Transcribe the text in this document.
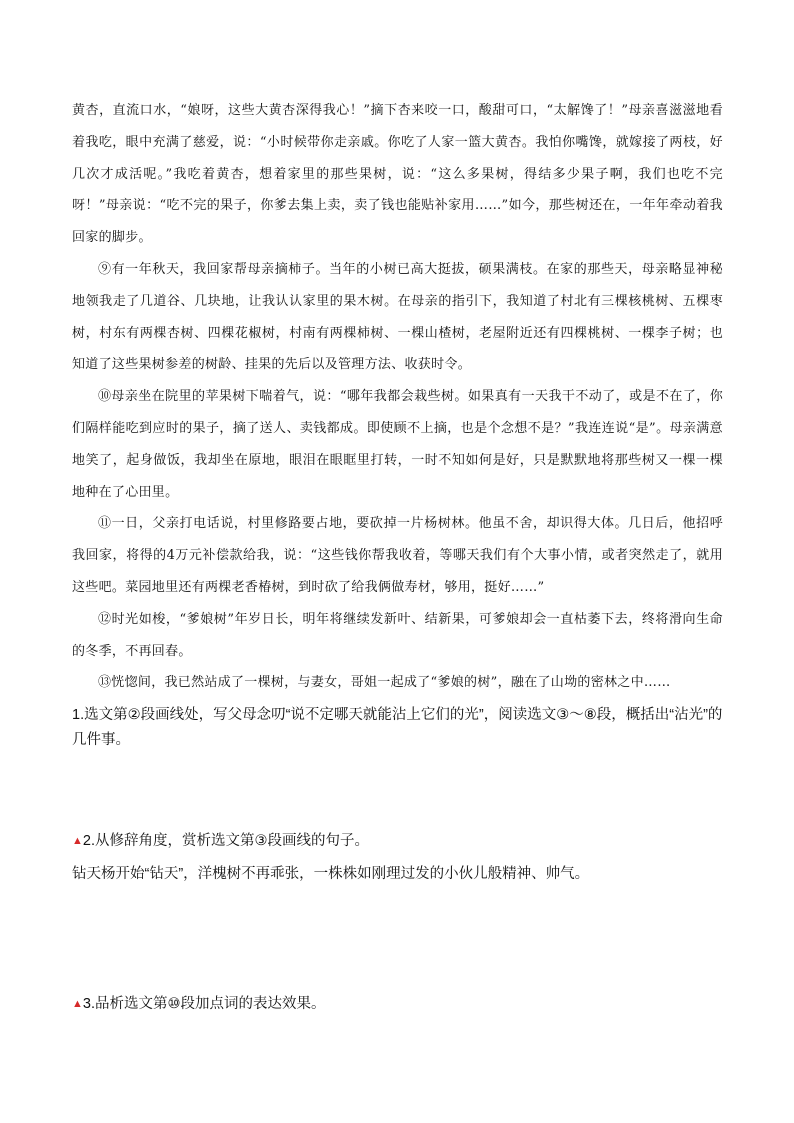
黄杏，直流口水，“娘呀，这些大黄杏深得我心！”摘下杏来咬一口，酸甜可口，“太解馋了！”母亲喜滋滋地看着我吃，眼中充满了慈爱，说：“小时候带你走亲戚。你吃了人家一篮大黄杏。我怕你嘴馋，就嫁接了两枝，好几次才成活呢。”我吃着黄杏，想着家里的那些果树，说：“这么多果树，得结多少果子啊，我们也吃不完呀！”母亲说：“吃不完的果子，你爹去集上卖，卖了钱也能贴补家用……”如今，那些树还在，一年年牵动着我回家的脚步。

⑨有一年秋天，我回家帮母亲摘柿子。当年的小树已高大挺拔，硕果满枝。在家的那些天，母亲略显神秘地领我走了几道谷、几块地，让我认认家里的果木树。在母亲的指引下，我知道了村北有三棵核桃树、五棵枣树，村东有两棵杏树、四棵花椒树，村南有两棵柿树、一棵山楂树，老屋附近还有四棵桃树、一棵李子树；也知道了这些果树参差的树龄、挂果的先后以及管理方法、收获时令。

⑩母亲坐在院里的苹果树下喘着气，说：“哪年我都会栽些树。如果真有一天我干不动了，或是不在了，你们隔样能吃到应时的果子，摘了送人、卖钱都成。即使顾不上摘，也是个念想不是？”我连连说“是”。母亲满意地笑了，起身做饭，我却坐在原地，眼泪在眼眶里打转，一时不知如何是好，只是默默地将那些树又一棵一棵地种在了心田里。

⑪一日，父亲打电话说，村里修路要占地，要砍掉一片杨树林。他虽不舍，却识得大体。几日后，他招呼我回家，将得的4万元补偿款给我，说：“这些钱你帮我收着，等哪天我们有个大事小情，或者突然走了，就用这些吧。菜园地里还有两棵老香椿树，到时砍了给我俩做寿材，够用，挺好……”

⑫时光如梭，“爹娘树”年岁日长，明年将继续发新叶、结新果，可爹娘却会一直枯萎下去，终将滑向生命的冬季，不再回春。

⑬恍惚间，我已然站成了一棵树，与妻女，哥姐一起成了“爹娘的树”，融在了山坳的密林之中……

1.选文第②段画线处，写父母念叨“说不定哪天就能沾上它们的光”，阅读选文③～⑧段，概括出“沾光”的几件事。

▲2.从修辞角度，赏析选文第③段画线的句子。

钻天杨开始“钻天”，洋槐树不再乖张，一株株如刚理过发的小伙儿般精神、帅气。

▲3.品析选文第⑩段加点词的表达效果。
